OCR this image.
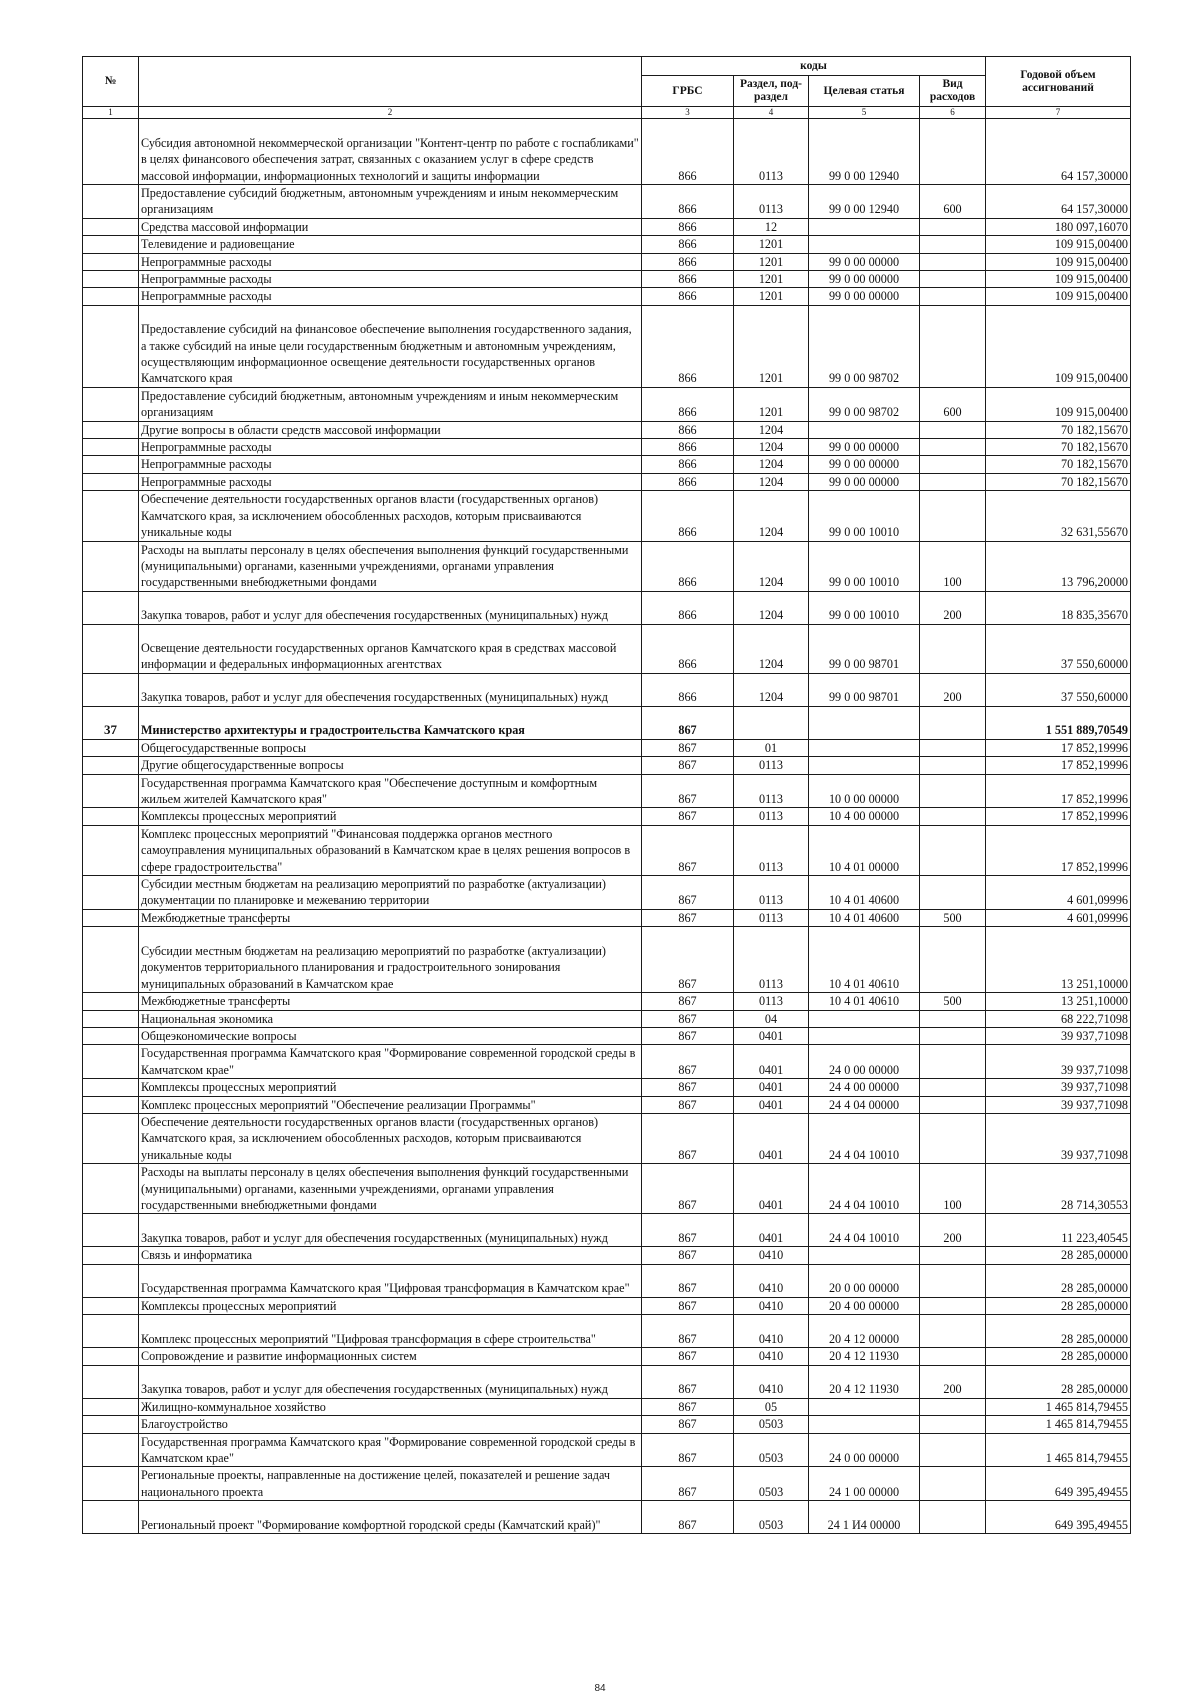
№		коды				Годовой объем ассигнований
		ГРБС	Раздел, под-раздел	Целевая статья	Вид расходов	
1	2	3	4	5	6	7
	Субсидия автономной некоммерческой организации "Контент-центр по работе с госпабликами" в целях финансового обеспечения затрат, связанных с оказанием услуг в сфере средств массовой информации, информационных технологий и защиты информации	866	0113	99 0 00 12940		64 157,30000
	Предоставление субсидий бюджетным, автономным учреждениям и иным некоммерческим организациям	866	0113	99 0 00 12940	600	64 157,30000
	Средства массовой информации	866	12			180 097,16070
	Телевидение и радиовещание	866	1201			109 915,00400
	Непрограммные расходы	866	1201	99 0 00 00000		109 915,00400
	Непрограммные расходы	866	1201	99 0 00 00000		109 915,00400
	Непрограммные расходы	866	1201	99 0 00 00000		109 915,00400
	Предоставление субсидий на финансовое обеспечение выполнения государственного задания, а также субсидий на иные цели государственным бюджетным и автономным учреждениям, осуществляющим информационное освещение деятельности государственных органов Камчатского края	866	1201	99 0 00 98702		109 915,00400
	Предоставление субсидий бюджетным, автономным учреждениям и иным некоммерческим организациям	866	1201	99 0 00 98702	600	109 915,00400
	Другие вопросы в области средств массовой информации	866	1204			70 182,15670
	Непрограммные расходы	866	1204	99 0 00 00000		70 182,15670
	Непрограммные расходы	866	1204	99 0 00 00000		70 182,15670
	Непрограммные расходы	866	1204	99 0 00 00000		70 182,15670
	Обеспечение деятельности государственных органов власти (государственных органов) Камчатского края, за исключением обособленных расходов, которым присваиваются уникальные коды	866	1204	99 0 00 10010		32 631,55670
	Расходы на выплаты персоналу в целях обеспечения выполнения функций государственными (муниципальными) органами, казенными учреждениями, органами управления государственными внебюджетными фондами	866	1204	99 0 00 10010	100	13 796,20000
	Закупка товаров, работ и услуг для обеспечения государственных (муниципальных) нужд	866	1204	99 0 00 10010	200	18 835,35670
	Освещение деятельности государственных органов Камчатского края в средствах массовой информации и федеральных информационных агентствах	866	1204	99 0 00 98701		37 550,60000
	Закупка товаров, работ и услуг для обеспечения государственных (муниципальных) нужд	866	1204	99 0 00 98701	200	37 550,60000
37	Министерство архитектуры и градостроительства Камчатского края	867				1 551 889,70549
	Общегосударственные вопросы	867	01			17 852,19996
	Другие общегосударственные вопросы	867	0113			17 852,19996
	Государственная программа Камчатского края "Обеспечение доступным и комфортным жильем жителей Камчатского края"	867	0113	10 0 00 00000		17 852,19996
	Комплексы процессных мероприятий	867	0113	10 4 00 00000		17 852,19996
	Комплекс процессных мероприятий "Финансовая поддержка органов местного самоуправления муниципальных образований в Камчатском крае в целях решения вопросов в сфере градостроительства"	867	0113	10 4 01 00000		17 852,19996
	Субсидии местным бюджетам на реализацию мероприятий по разработке (актуализации) документации по планировке и межеванию территории	867	0113	10 4 01 40600		4 601,09996
	Межбюджетные трансферты	867	0113	10 4 01 40600	500	4 601,09996
	Субсидии местным бюджетам на реализацию мероприятий по разработке (актуализации) документов территориального планирования и градостроительного зонирования муниципальных образований в Камчатском крае	867	0113	10 4 01 40610		13 251,10000
	Межбюджетные трансферты	867	0113	10 4 01 40610	500	13 251,10000
	Национальная экономика	867	04			68 222,71098
	Общеэкономические вопросы	867	0401			39 937,71098
	Государственная программа Камчатского края "Формирование современной городской среды в Камчатском крае"	867	0401	24 0 00 00000		39 937,71098
	Комплексы процессных мероприятий	867	0401	24 4 00 00000		39 937,71098
	Комплекс процессных мероприятий "Обеспечение реализации Программы"	867	0401	24 4 04 00000		39 937,71098
	Обеспечение деятельности государственных органов власти (государственных органов) Камчатского края, за исключением обособленных расходов, которым присваиваются уникальные коды	867	0401	24 4 04 10010		39 937,71098
	Расходы на выплаты персоналу в целях обеспечения выполнения функций государственными (муниципальными) органами, казенными учреждениями, органами управления государственными внебюджетными фондами	867	0401	24 4 04 10010	100	28 714,30553
	Закупка товаров, работ и услуг для обеспечения государственных (муниципальных) нужд	867	0401	24 4 04 10010	200	11 223,40545
	Связь и информатика	867	0410			28 285,00000
	Государственная программа Камчатского края "Цифровая трансформация в Камчатском крае"	867	0410	20 0 00 00000		28 285,00000
	Комплексы процессных мероприятий	867	0410	20 4 00 00000		28 285,00000
	Комплекс процессных мероприятий "Цифровая трансформация в сфере строительства"	867	0410	20 4 12 00000		28 285,00000
	Сопровождение и развитие информационных систем	867	0410	20 4 12 11930		28 285,00000
	Закупка товаров, работ и услуг для обеспечения государственных (муниципальных) нужд	867	0410	20 4 12 11930	200	28 285,00000
	Жилищно-коммунальное хозяйство	867	05			1 465 814,79455
	Благоустройство	867	0503			1 465 814,79455
	Государственная программа Камчатского края "Формирование современной городской среды в Камчатском крае"	867	0503	24 0 00 00000		1 465 814,79455
	Региональные проекты, направленные на достижение целей, показателей и решение задач национального проекта	867	0503	24 1 00 00000		649 395,49455
	Региональный проект "Формирование комфортной городской среды (Камчатский край)"	867	0503	24 1 И4 00000		649 395,49455
84
